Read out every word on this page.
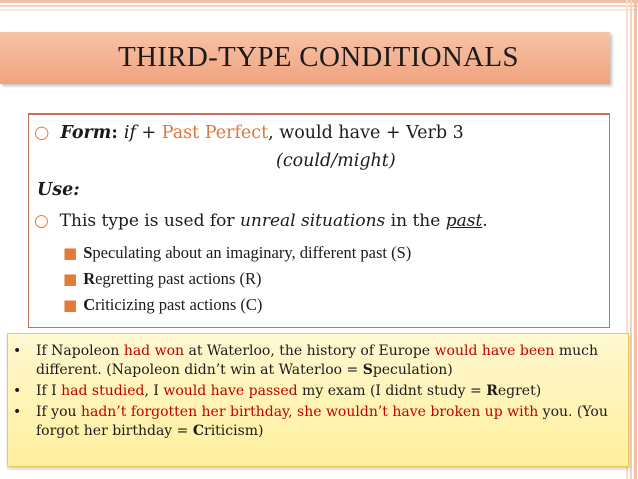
THIRD-TYPE CONDITIONALS
○ Form: if + Past Perfect, would have + Verb 3
(could/might)
Use:
○ This type is used for unreal situations in the past.
■ Speculating about an imaginary, different past (S)
■ Regretting past actions (R)
■ Criticizing past actions (C)
• If Napoleon had won at Waterloo, the history of Europe would have been much different. (Napoleon didn’t win at Waterloo = Speculation)
• If I had studied, I would have passed my exam (I didnt study = Regret)
• If you hadn’t forgotten her birthday, she wouldn’t have broken up with you. (You forgot her birthday = Criticism)
